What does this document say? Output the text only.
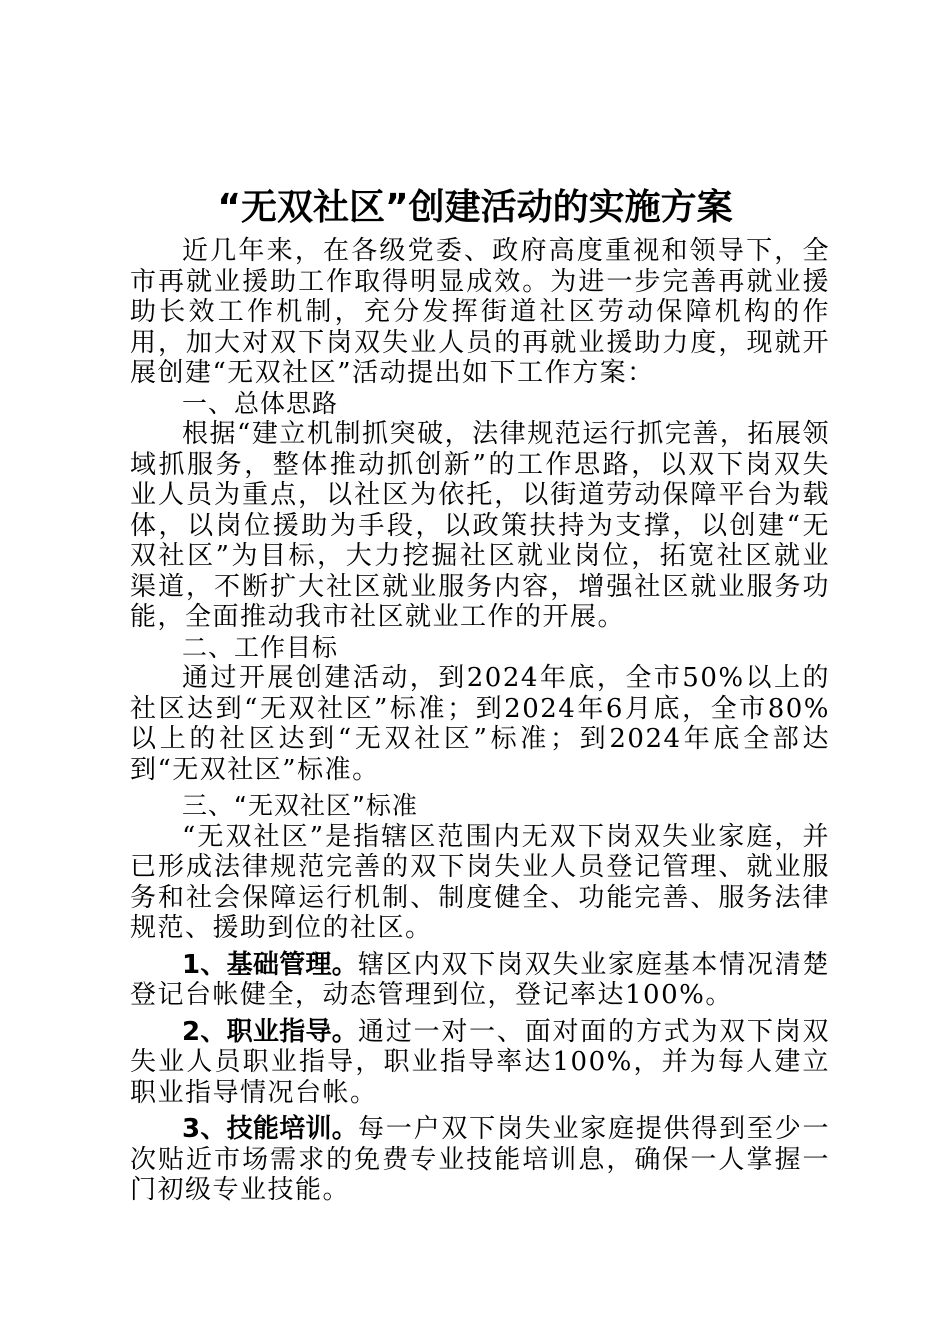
“无双社区”创建活动的实施方案

近几年来，在各级党委、政府高度重视和领导下，全市再就业援助工作取得明显成效。为进一步完善再就业援助长效工作机制，充分发挥街道社区劳动保障机构的作用，加大对双下岗双失业人员的再就业援助力度，现就开展创建“无双社区”活动提出如下工作方案：

一、总体思路

根据“建立机制抓突破，法律规范运行抓完善，拓展领域抓服务，整体推动抓创新”的工作思路，以双下岗双失业人员为重点，以社区为依托，以街道劳动保障平台为载体，以岗位援助为手段，以政策扶持为支撑，以创建“无双社区”为目标，大力挖掘社区就业岗位，拓宽社区就业渠道，不断扩大社区就业服务内容，增强社区就业服务功能，全面推动我市社区就业工作的开展。

二、工作目标

通过开展创建活动，到2024年底，全市50%以上的社区达到“无双社区”标准；到2024年6月底，全市80%以上的社区达到“无双社区”标准；到2024年底全部达到“无双社区”标准。

三、“无双社区”标准

“无双社区”是指辖区范围内无双下岗双失业家庭，并已形成法律规范完善的双下岗失业人员登记管理、就业服务和社会保障运行机制、制度健全、功能完善、服务法律规范、援助到位的社区。

1、基础管理。辖区内双下岗双失业家庭基本情况清楚登记台帐健全，动态管理到位，登记率达100%。

2、职业指导。通过一对一、面对面的方式为双下岗双失业人员职业指导，职业指导率达100%，并为每人建立职业指导情况台帐。

3、技能培训。每一户双下岗失业家庭提供得到至少一次贴近市场需求的免费专业技能培训息，确保一人掌握一门初级专业技能。
